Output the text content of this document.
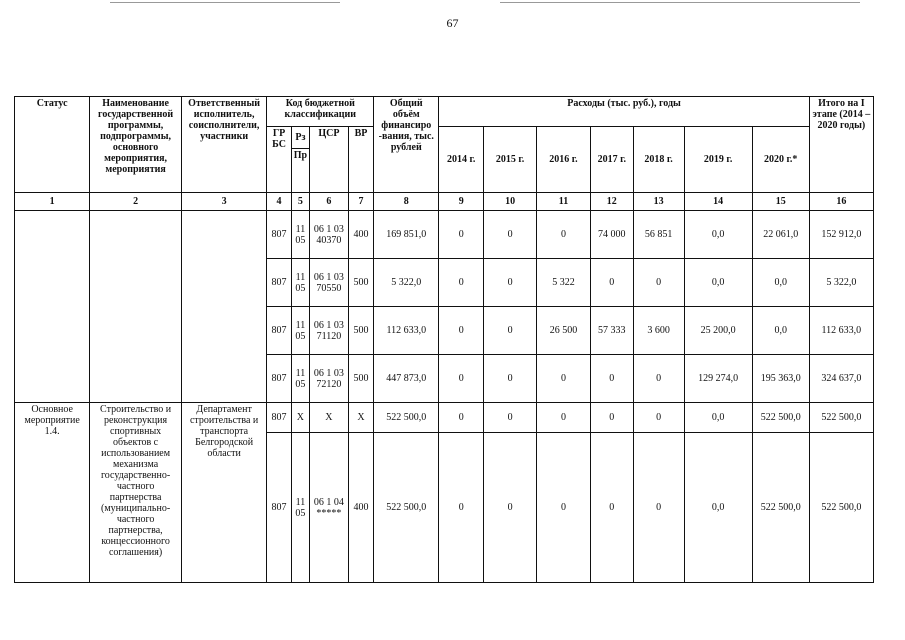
67
Статус	Наименование государственной программы, подпрограммы, основного мероприятия, мероприятия	Ответственный исполнитель, соисполнители, участники	Код бюджетной классификации				Общий объём финансиро -вания, тыс. рублей	Расходы (тыс. руб.), годы							Итого на I этапе (2014 – 2020 годы)
			ГР БС	Рз	ЦСР	ВР		2014 г.	2015 г.	2016 г.	2017 г.	2018 г.	2019 г.	2020 г.*	
				Пр											
1	2	3	4	5	6	7	8	9	10	11	12	13	14	15	16
			807	11 05	06 1 03 40370	400	169 851,0	0	0	0	74 000	56 851	0,0	22 061,0	152 912,0
			807	11 05	06 1 03 70550	500	5 322,0	0	0	5 322	0	0	0,0	0,0	5 322,0
			807	11 05	06 1 03 71120	500	112 633,0	0	0	26 500	57 333	3 600	25 200,0	0,0	112 633,0
			807	11 05	06 1 03 72120	500	447 873,0	0	0	0	0	0	129 274,0	195 363,0	324 637,0
Основное мероприятие 1.4.	Строительство и реконструкция спортивных объектов с использованием механизма государственно-частного партнерства (муниципально-частного партнерства, концессионного соглашения)	Департамент строительства и транспорта Белгородской области	807	Х	Х	Х	522 500,0	0	0	0	0	0	0,0	522 500,0	522 500,0
			807	11 05	06 1 04 *****	400	522 500,0	0	0	0	0	0	0,0	522 500,0	522 500,0
